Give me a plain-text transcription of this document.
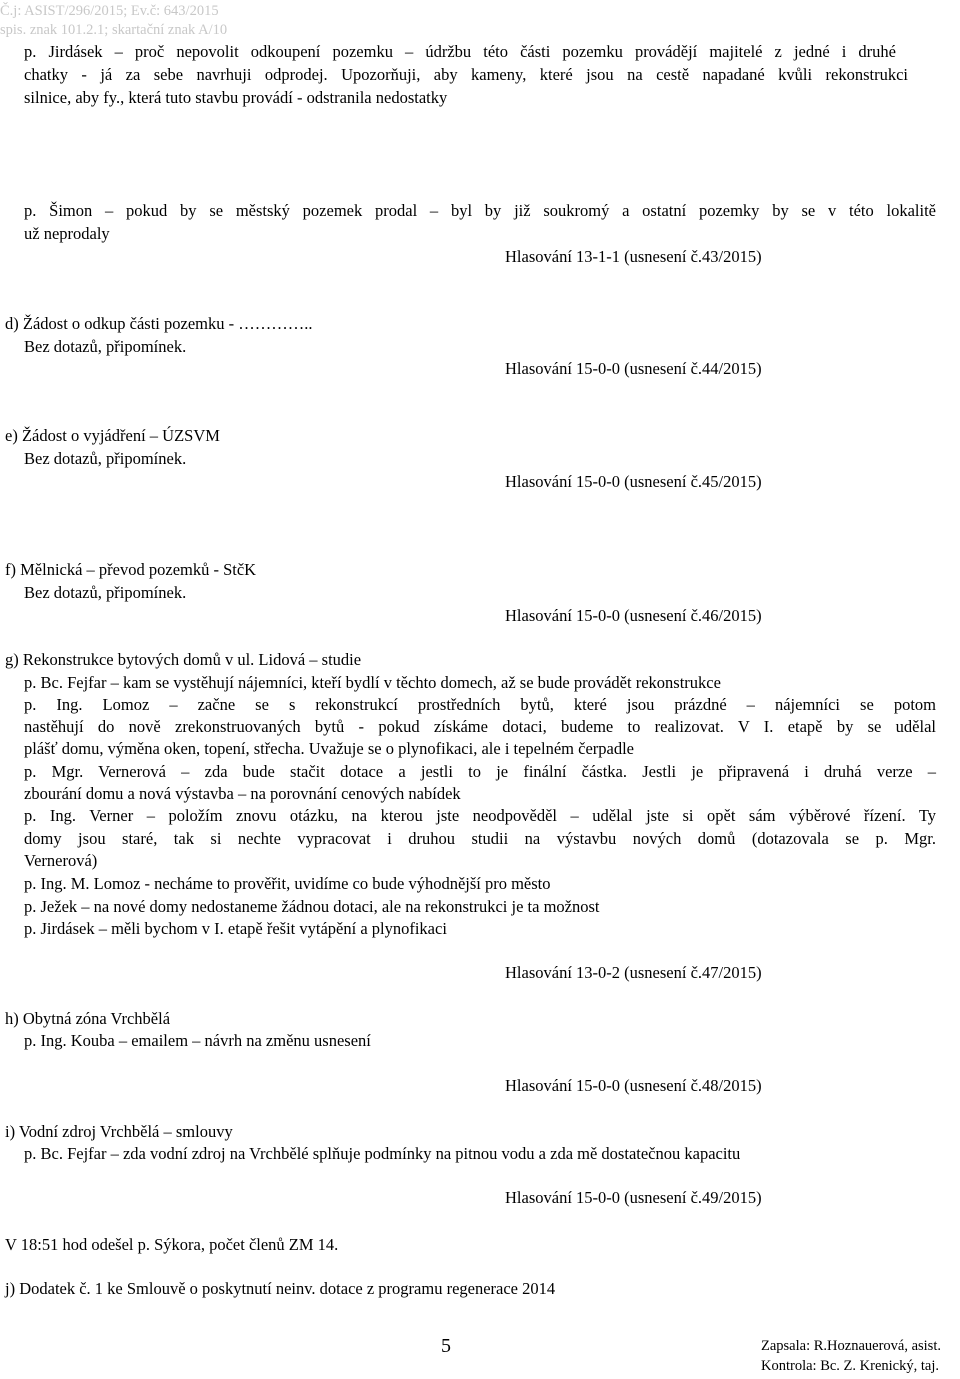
Č.j: ASIST/296/2015; Ev.č: 643/2015
spis. znak 101.2.1; skartační znak A/10
p. Jirdásek – proč nepovolit odkoupení pozemku – údržbu této části pozemku provádějí majitelé z jedné i druhé
chatky - já za sebe navrhuji odprodej. Upozorňuji, aby kameny, které jsou na cestě napadané kvůli rekonstrukci
silnice, aby fy., která tuto stavbu provádí - odstranila nedostatky
p. Šimon – pokud by se městský pozemek prodal – byl by již soukromý a ostatní pozemky by se v této lokalitě
už neprodaly
Hlasování 13-1-1 (usnesení č.43/2015)
d) Žádost o odkup části pozemku - …………..
Bez dotazů, připomínek.
Hlasování 15-0-0 (usnesení č.44/2015)
e) Žádost o vyjádření – ÚZSVM
Bez dotazů, připomínek.
Hlasování 15-0-0 (usnesení č.45/2015)
f) Mělnická – převod pozemků - StčK
Bez dotazů, připomínek.
Hlasování 15-0-0 (usnesení č.46/2015)
g) Rekonstrukce bytových domů v ul. Lidová – studie
p. Bc. Fejfar – kam se vystěhují nájemníci, kteří bydlí v těchto domech, až se bude provádět rekonstrukce
p. Ing. Lomoz – začne se s rekonstrukcí prostředních bytů, které jsou prázdné – nájemníci se potom
nastěhují do nově zrekonstruovaných bytů - pokud získáme dotaci, budeme to realizovat. V I. etapě by se udělal
plášť domu, výměna oken, topení, střecha. Uvažuje se o plynofikaci, ale i tepelném čerpadle
p. Mgr. Vernerová – zda bude stačit dotace a jestli to je finální částka. Jestli je připravená i druhá verze –
zbourání domu a nová výstavba – na porovnání cenových nabídek
p. Ing. Verner – položím znovu otázku, na kterou jste neodpověděl – udělal jste si opět sám výběrové řízení. Ty
domy jsou staré, tak si nechte vypracovat i druhou studii na výstavbu nových domů (dotazovala se p. Mgr.
Vernerová)
p. Ing. M. Lomoz - necháme to prověřit, uvidíme co bude výhodnější pro město
p. Ježek – na nové domy nedostaneme žádnou dotaci, ale na rekonstrukci je ta možnost
p. Jirdásek – měli bychom v I. etapě řešit vytápění a plynofikaci
Hlasování 13-0-2 (usnesení č.47/2015)
h) Obytná zóna Vrchbělá
p. Ing. Kouba – emailem – návrh na změnu usnesení
Hlasování 15-0-0 (usnesení č.48/2015)
i) Vodní zdroj Vrchbělá – smlouvy
p. Bc. Fejfar – zda vodní zdroj na Vrchbělé splňuje podmínky na pitnou vodu a zda mě dostatečnou kapacitu
Hlasování 15-0-0 (usnesení č.49/2015)
V 18:51 hod odešel p. Sýkora, počet členů ZM 14.
j) Dodatek č. 1 ke Smlouvě o poskytnutí neinv. dotace z programu regenerace 2014
5	Zapsala: R.Hoznauerová, asist.
Kontrola: Bc. Z. Krenický, taj.
